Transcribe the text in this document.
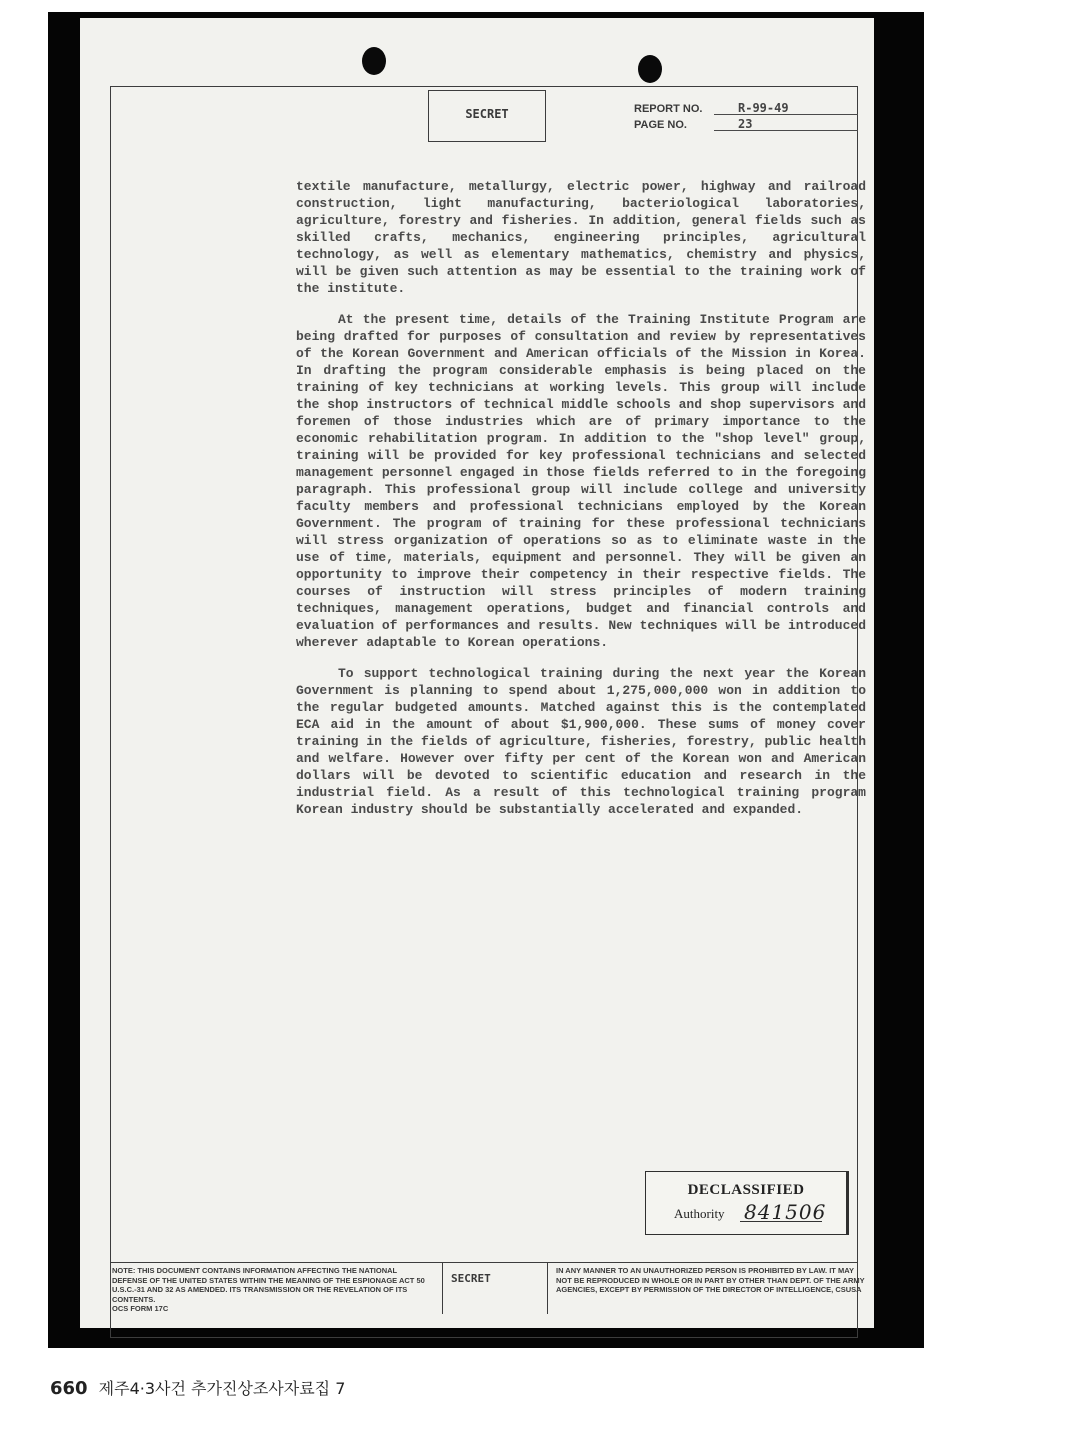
SECRET	REPORT NO.	R-99-49
PAGE NO.	23

textile manufacture, metallurgy, electric power, highway and railroad construction, light manufacturing, bacteriological laboratories, agriculture, forestry and fisheries. In addition, general fields such as skilled crafts, mechanics, engineering principles, agricultural technology, as well as elementary mathematics, chemistry and physics, will be given such attention as may be essential to the training work of the institute.

At the present time, details of the Training Institute Program are being drafted for purposes of consultation and review by representatives of the Korean Government and American officials of the Mission in Korea. In drafting the program considerable emphasis is being placed on the training of key technicians at working levels. This group will include the shop instructors of technical middle schools and shop supervisors and foremen of those industries which are of primary importance to the economic rehabilitation program. In addition to the "shop level" group, training will be provided for key professional technicians and selected management personnel engaged in those fields referred to in the foregoing paragraph. This professional group will include college and university faculty members and professional technicians employed by the Korean Government. The program of training for these professional technicians will stress organization of operations so as to eliminate waste in the use of time, materials, equipment and personnel. They will be given an opportunity to improve their competency in their respective fields. The courses of instruction will stress principles of modern training techniques, management operations, budget and financial controls and evaluation of performances and results. New techniques will be introduced wherever adaptable to Korean operations.

To support technological training during the next year the Korean Government is planning to spend about 1,275,000,000 won in addition to the regular budgeted amounts. Matched against this is the contemplated ECA aid in the amount of about $1,900,000. These sums of money cover training in the fields of agriculture, fisheries, forestry, public health and welfare. However over fifty per cent of the Korean won and American dollars will be devoted to scientific education and research in the industrial field. As a result of this technological training program Korean industry should be substantially accelerated and expanded.

DECLASSIFIED
Authority 841506
NOTE: THIS DOCUMENT CONTAINS INFORMATION AFFECTING THE NATIONAL DEFENSE OF THE UNITED STATES WITHIN THE MEANING OF THE ESPIONAGE ACT 50 U.S.C.-31 AND 32 AS AMENDED. ITS TRANSMISSION OR THE REVELATION OF ITS CONTENTS.
OCS FORM 17C
SECRET
IN ANY MANNER TO AN UNAUTHORIZED PERSON IS PROHIBITED BY LAW. IT MAY NOT BE REPRODUCED IN WHOLE OR IN PART BY OTHER THAN DEPT. OF THE ARMY AGENCIES, EXCEPT BY PERMISSION OF THE DIRECTOR OF INTELLIGENCE, CSUSA
660 제주4·3사건 추가진상조사자료집 7
